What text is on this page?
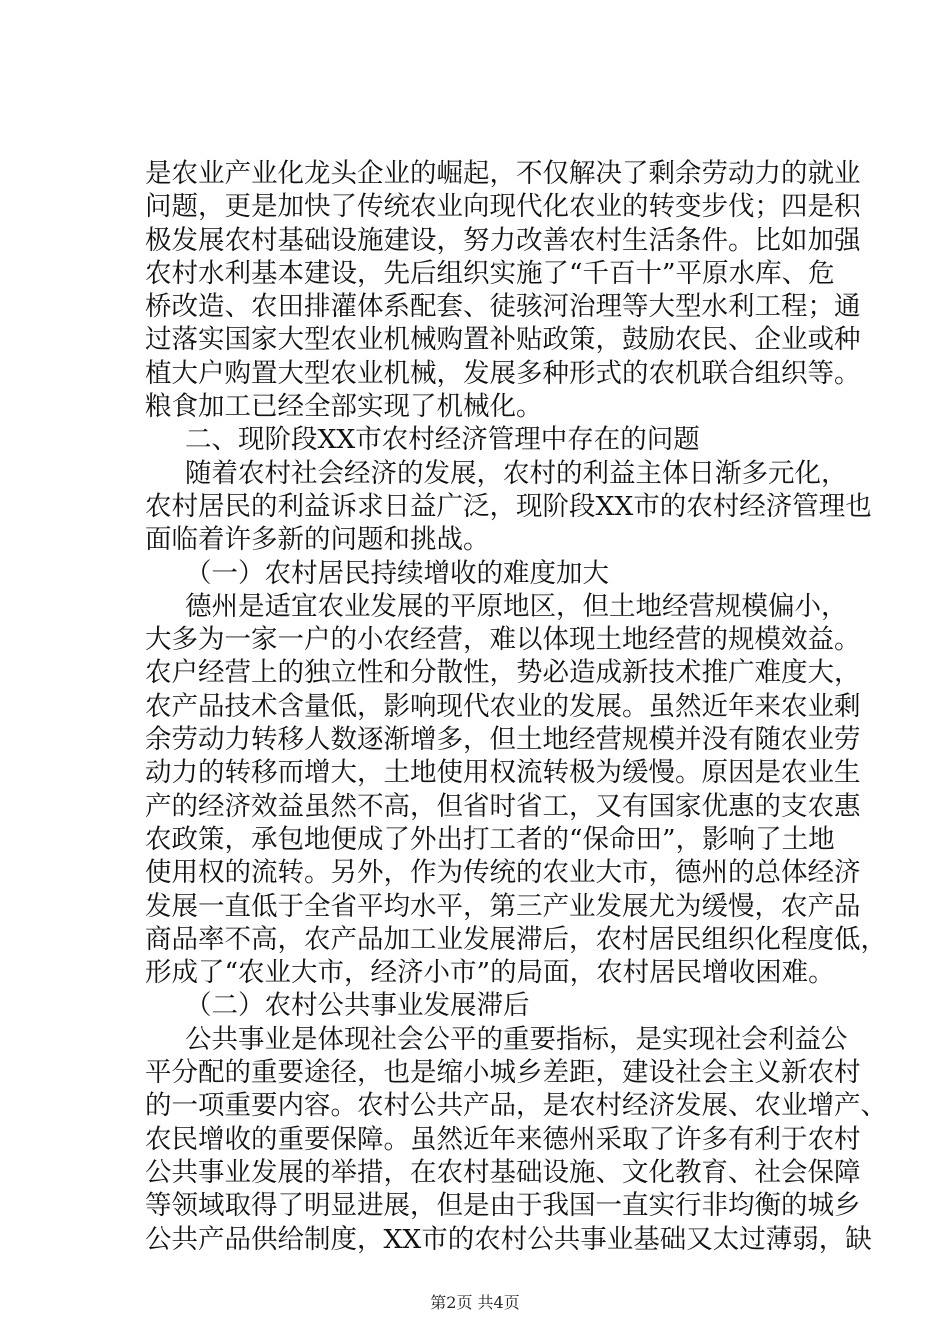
是农业产业化龙头企业的崛起，不仅解决了剩余劳动力的就业
问题，更是加快了传统农业向现代化农业的转变步伐；四是积
极发展农村基础设施建设，努力改善农村生活条件。比如加强
农村水利基本建设，先后组织实施了“千百十”平原水库、危
桥改造、农田排灌体系配套、徒骇河治理等大型水利工程；通
过落实国家大型农业机械购置补贴政策，鼓励农民、企业或种
植大户购置大型农业机械，发展多种形式的农机联合组织等。
粮食加工已经全部实现了机械化。
二、现阶段XX市农村经济管理中存在的问题
随着农村社会经济的发展，农村的利益主体日渐多元化，
农村居民的利益诉求日益广泛，现阶段XX市的农村经济管理也
面临着许多新的问题和挑战。
（一）农村居民持续增收的难度加大
德州是适宜农业发展的平原地区，但土地经营规模偏小，
大多为一家一户的小农经营，难以体现土地经营的规模效益。
农户经营上的独立性和分散性，势必造成新技术推广难度大，
农产品技术含量低，影响现代农业的发展。虽然近年来农业剩
余劳动力转移人数逐渐增多，但土地经营规模并没有随农业劳
动力的转移而增大，土地使用权流转极为缓慢。原因是农业生
产的经济效益虽然不高，但省时省工，又有国家优惠的支农惠
农政策，承包地便成了外出打工者的“保命田”，影响了土地
使用权的流转。另外，作为传统的农业大市，德州的总体经济
发展一直低于全省平均水平，第三产业发展尤为缓慢，农产品
商品率不高，农产品加工业发展滞后，农村居民组织化程度低，
形成了“农业大市，经济小市”的局面，农村居民增收困难。
（二）农村公共事业发展滞后
公共事业是体现社会公平的重要指标，是实现社会利益公
平分配的重要途径，也是缩小城乡差距，建设社会主义新农村
的一项重要内容。农村公共产品，是农村经济发展、农业增产、
农民增收的重要保障。虽然近年来德州采取了许多有利于农村
公共事业发展的举措，在农村基础设施、文化教育、社会保障
等领域取得了明显进展，但是由于我国一直实行非均衡的城乡
公共产品供给制度，XX市的农村公共事业基础又太过薄弱，缺
第2页 共4页
